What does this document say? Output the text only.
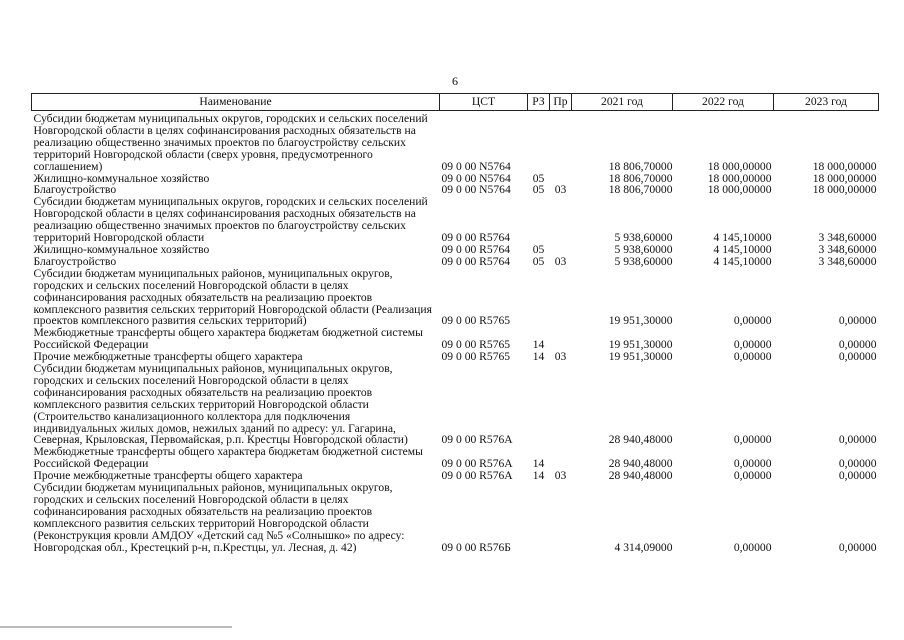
6
Наименование	ЦСТ	РЗ	Пр	2021 год	2022 год	2023 год
Субсидии бюджетам муниципальных округов, городских и сельских поселений Новгородской области в целях софинансирования расходных обязательств на реализацию общественно значимых проектов по благоустройству сельских территорий Новгородской области (сверх уровня, предусмотренного соглашением)	09 0 00 N5764			18 806,70000	18 000,00000	18 000,00000
Жилищно-коммунальное хозяйство	09 0 00 N5764	05		18 806,70000	18 000,00000	18 000,00000
Благоустройство	09 0 00 N5764	05	03	18 806,70000	18 000,00000	18 000,00000
Субсидии бюджетам муниципальных округов, городских и сельских поселений Новгородской области в целях софинансирования расходных обязательств на реализацию общественно значимых проектов по благоустройству сельских территорий Новгородской области	09 0 00 R5764			5 938,60000	4 145,10000	3 348,60000
Жилищно-коммунальное хозяйство	09 0 00 R5764	05		5 938,60000	4 145,10000	3 348,60000
Благоустройство	09 0 00 R5764	05	03	5 938,60000	4 145,10000	3 348,60000
Субсидии бюджетам муниципальных районов, муниципальных округов, городских и сельских поселений Новгородской области в целях софинансирования расходных обязательств на реализацию проектов комплексного развития сельских территорий Новгородской области (Реализация проектов комплексного развития сельских территорий)	09 0 00 R5765			19 951,30000	0,00000	0,00000
Межбюджетные трансферты общего характера бюджетам бюджетной системы Российской Федерации	09 0 00 R5765	14		19 951,30000	0,00000	0,00000
Прочие межбюджетные трансферты общего характера	09 0 00 R5765	14	03	19 951,30000	0,00000	0,00000
Субсидии бюджетам муниципальных районов, муниципальных округов, городских и сельских поселений Новгородской области в целях софинансирования расходных обязательств на реализацию проектов комплексного развития сельских территорий Новгородской области (Строительство канализационного коллектора для подключения индивидуальных жилых домов, нежилых зданий по адресу: ул. Гагарина, Северная, Крыловская, Первомайская, р.п. Крестцы Новгородской области)	09 0 00 R576А			28 940,48000	0,00000	0,00000
Межбюджетные трансферты общего характера бюджетам бюджетной системы Российской Федерации	09 0 00 R576А	14		28 940,48000	0,00000	0,00000
Прочие межбюджетные трансферты общего характера	09 0 00 R576А	14	03	28 940,48000	0,00000	0,00000
Субсидии бюджетам муниципальных районов, муниципальных округов, городских и сельских поселений Новгородской области в целях софинансирования расходных обязательств на реализацию проектов комплексного развития сельских территорий Новгородской области (Реконструкция кровли АМДОУ «Детский сад №5 «Солнышко» по адресу: Новгородская обл., Крестецкий р-н, п.Крестцы, ул. Лесная, д. 42)	09 0 00 R576Б			4 314,09000	0,00000	0,00000
